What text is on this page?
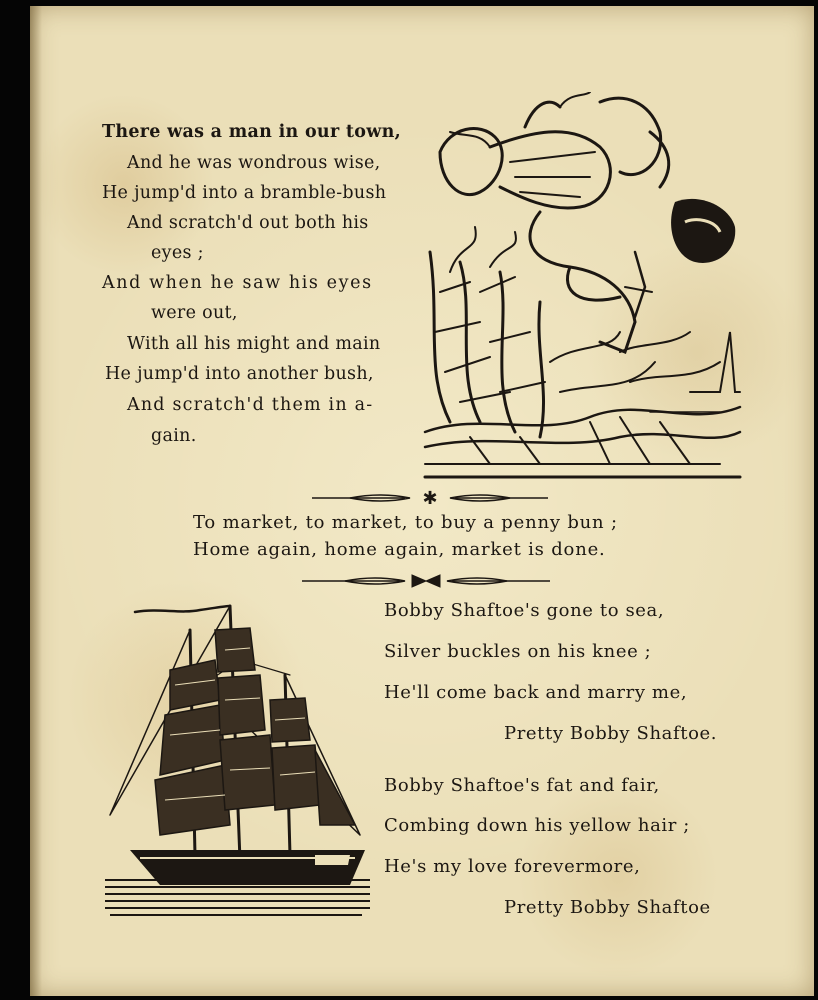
There was a man in our town,
And he was wondrous wise,
He jump'd into a bramble-bush
And scratch'd out both his
eyes ;
And when he saw his eyes
were out,
With all his might and main
He jump'd into another bush,
And scratch'd them in a-
gain.
✱
To market, to market, to buy a penny bun ;
Home again, home again, market is done.
Bobby Shaftoe's gone to sea,
Silver buckles on his knee ;
He'll come back and marry me,
Pretty Bobby Shaftoe.
Bobby Shaftoe's fat and fair,
Combing down his yellow hair ;
He's my love forevermore,
Pretty Bobby Shaftoe
